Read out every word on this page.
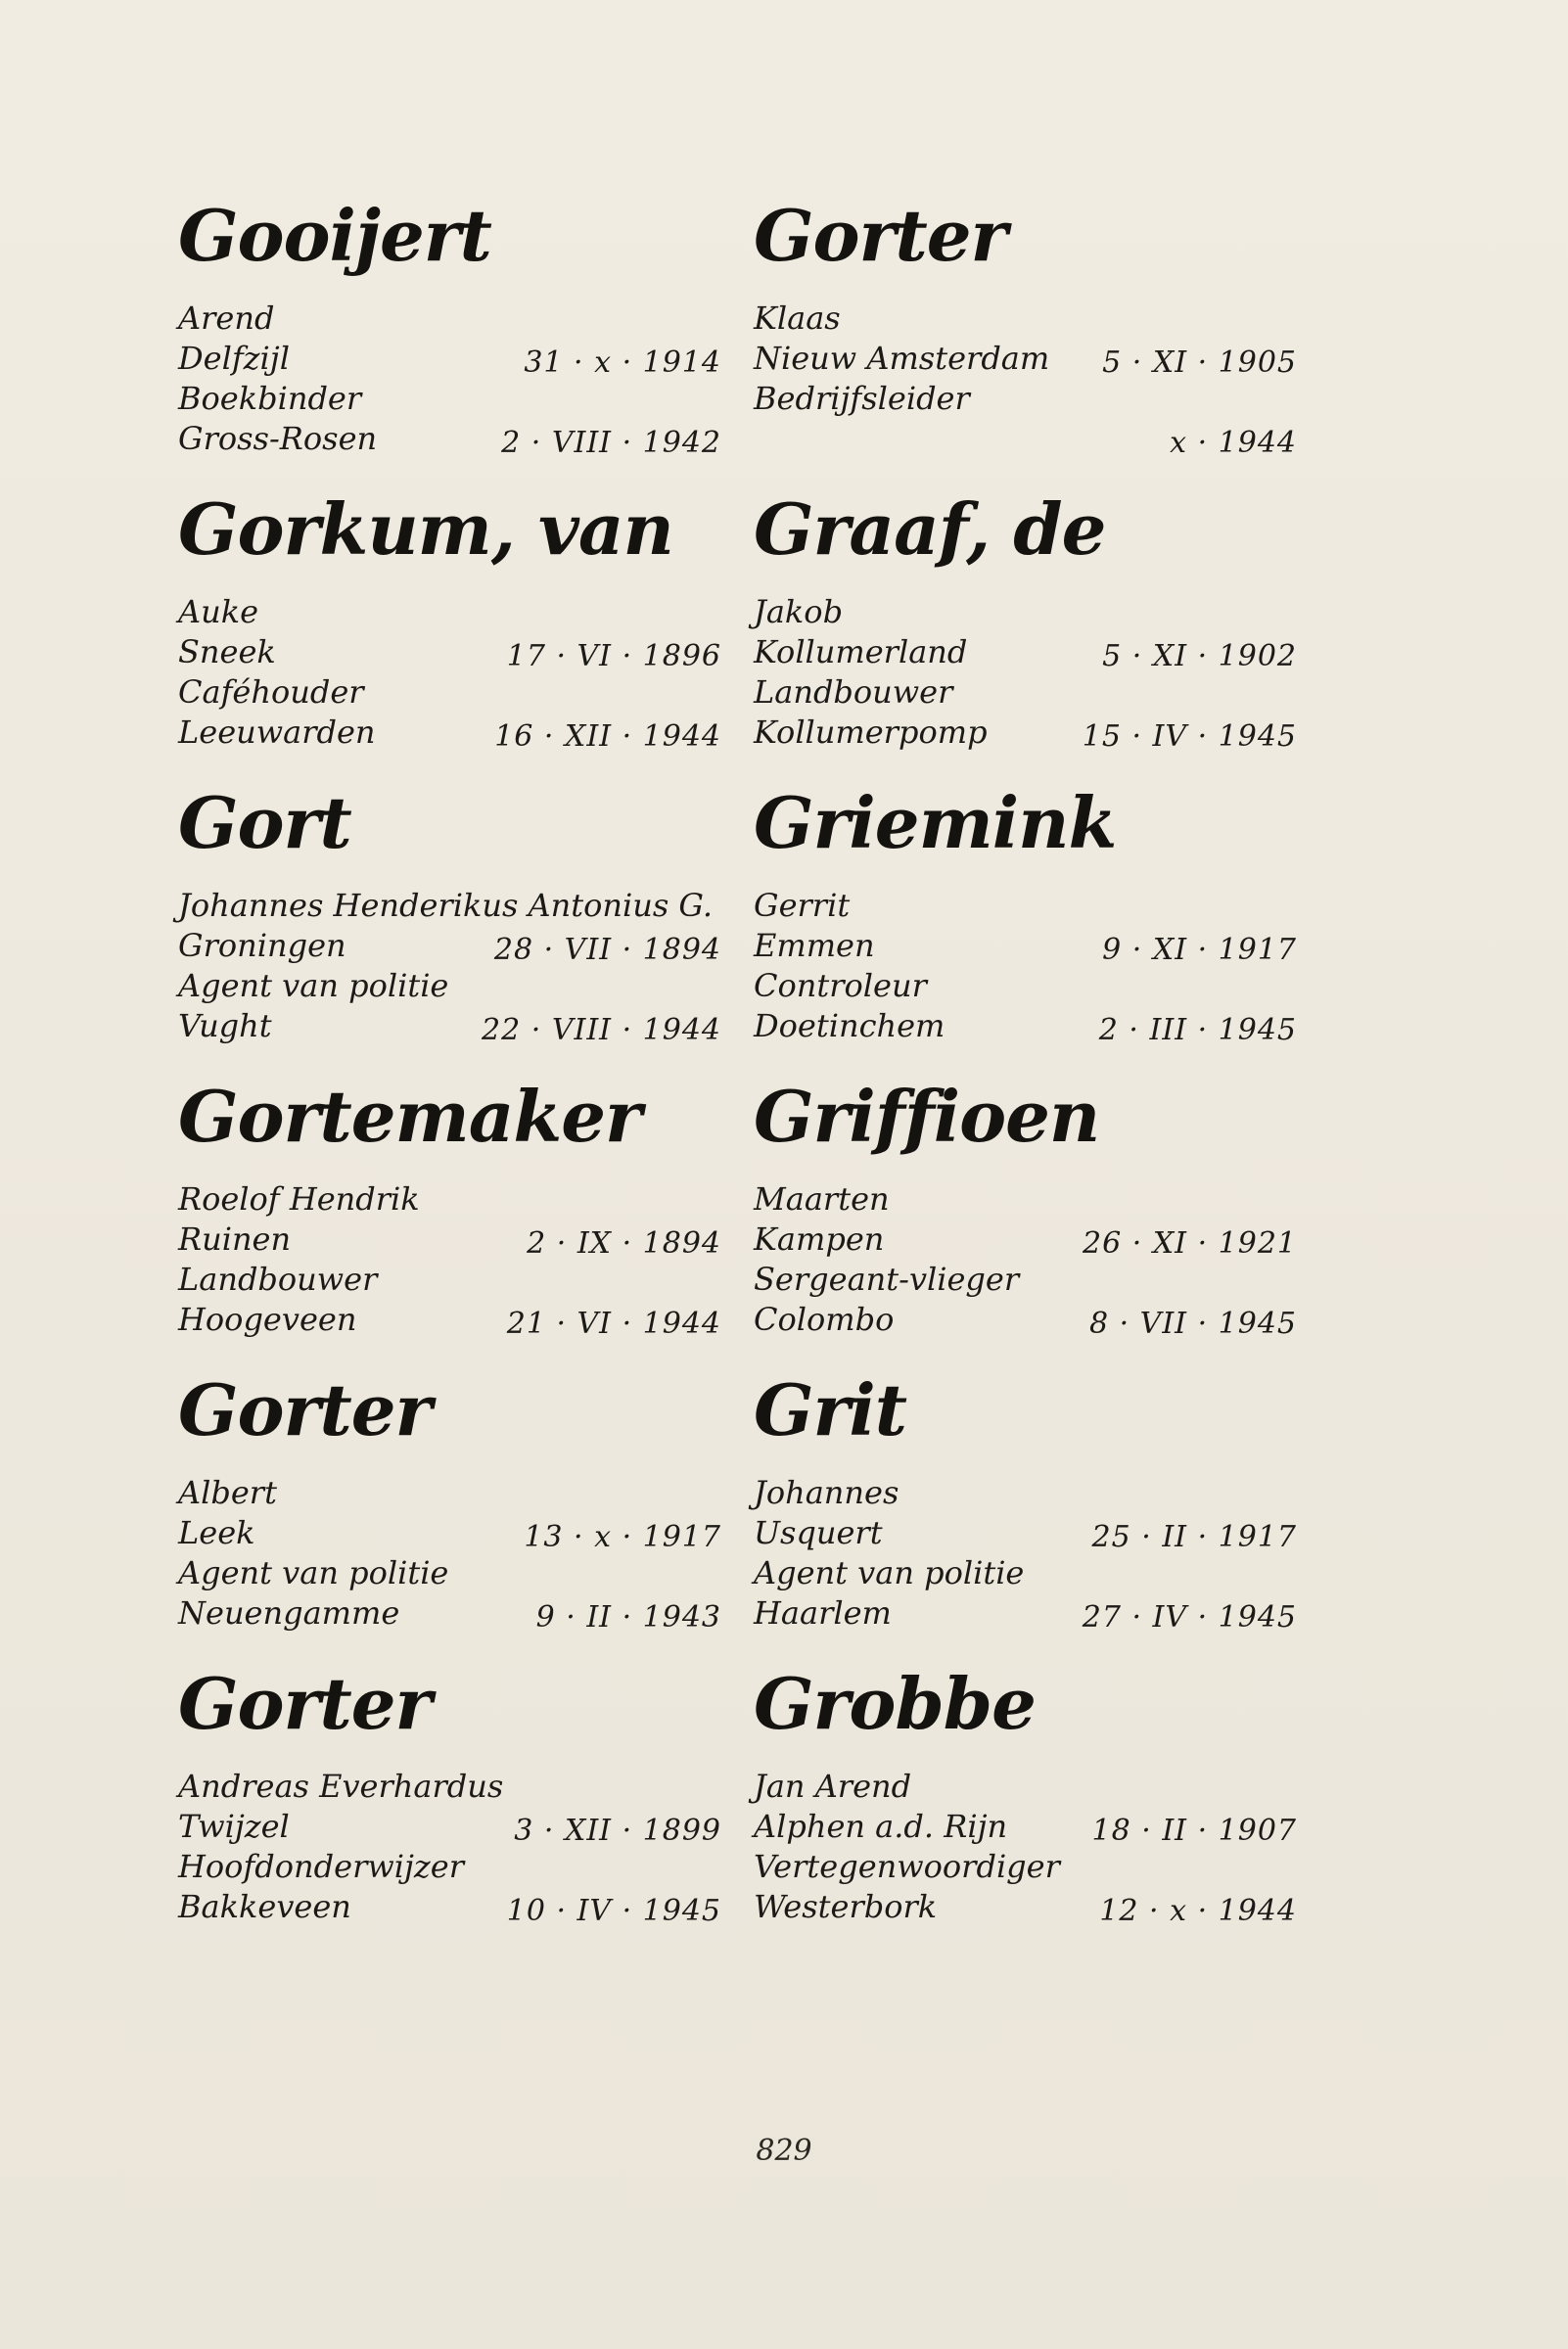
Gooijert
Arend
Delfzijl	31 · x · 1914
Boekbinder
Gross-Rosen	2 · VIII · 1942
Gorkum, van
Auke
Sneek	17 · VI · 1896
Caféhouder
Leeuwarden	16 · XII · 1944
Gort
Johannes Henderikus Antonius G.
Groningen	28 · VII · 1894
Agent van politie
Vught	22 · VIII · 1944
Gortemaker
Roelof Hendrik
Ruinen	2 · IX · 1894
Landbouwer
Hoogeveen	21 · VI · 1944
Gorter
Albert
Leek	13 · x · 1917
Agent van politie
Neuengamme	9 · II · 1943
Gorter
Andreas Everhardus
Twijzel	3 · XII · 1899
Hoofdonderwijzer
Bakkeveen	10 · IV · 1945
Gorter
Klaas
Nieuw Amsterdam 5 · XI · 1905
Bedrijfsleider
x · 1944
Graaf, de
Jakob
Kollumerland	5 · XI · 1902
Landbouwer
Kollumerpomp	15 · IV · 1945
Griemink
Gerrit
Emmen	9 · XI · 1917
Controleur
Doetinchem	2 · III · 1945
Griffioen
Maarten
Kampen	26 · XI · 1921
Sergeant-vlieger
Colombo	8 · VII · 1945
Grit
Johannes
Usquert	25 · II · 1917
Agent van politie
Haarlem	27 · IV · 1945
Grobbe
Jan Arend
Alphen a.d. Rijn	18 · II · 1907
Vertegenwoordiger
Westerbork	12 · x · 1944
829
